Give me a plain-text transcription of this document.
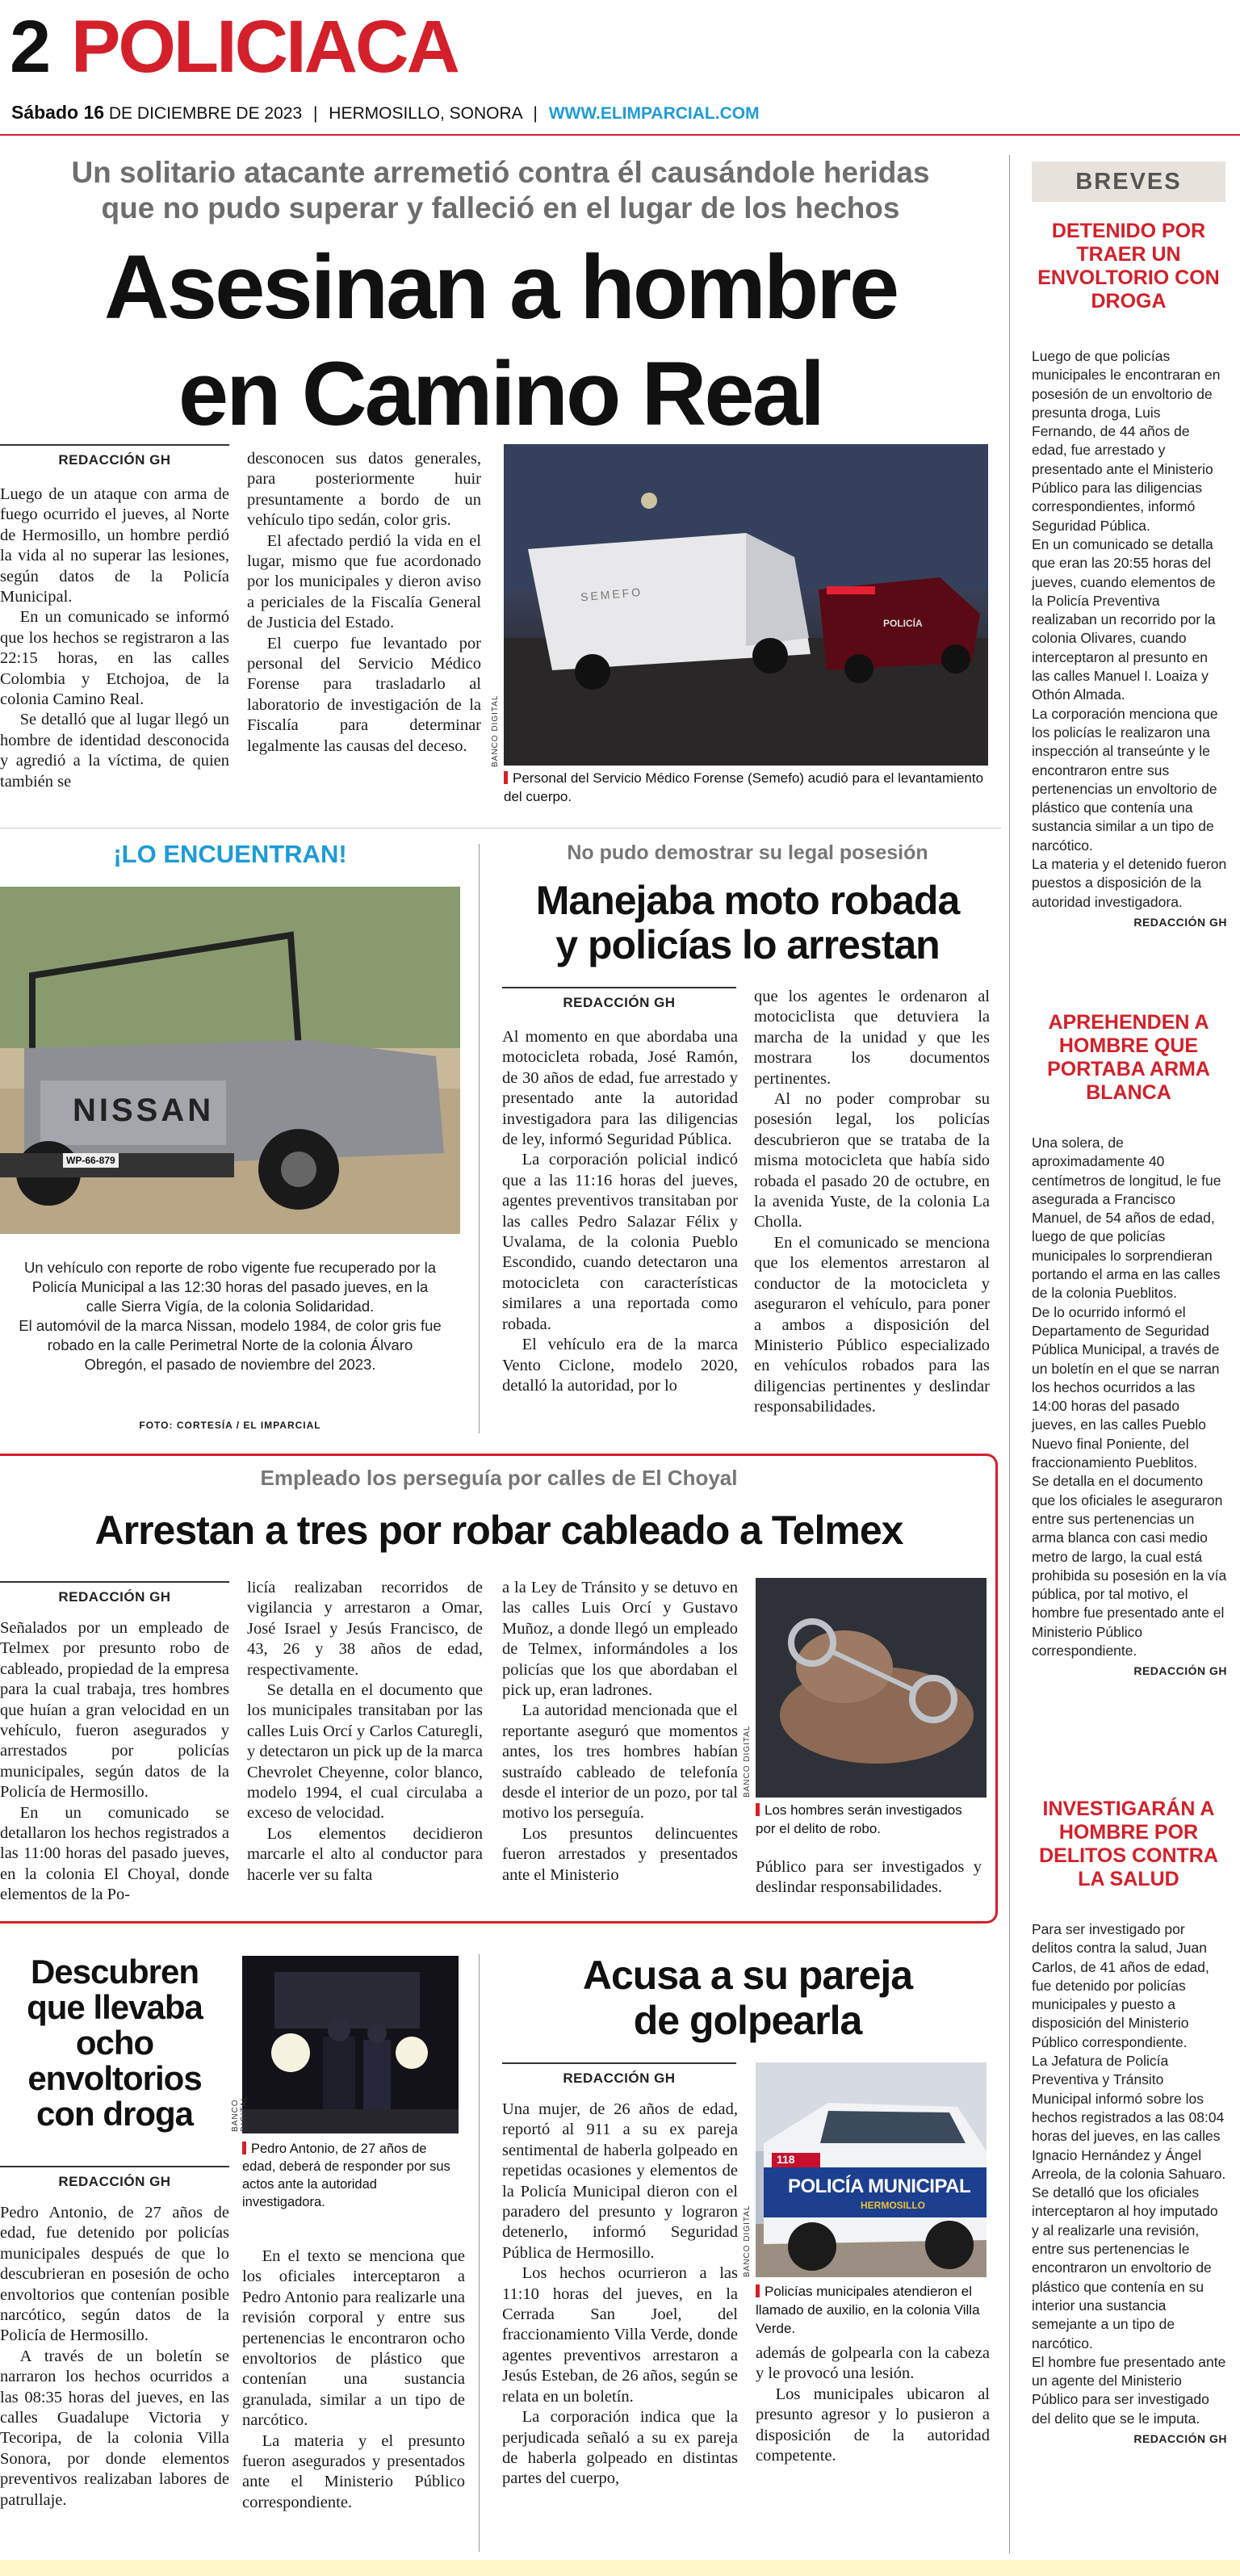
2 POLICIACA
Sábado 16 DE DICIEMBRE DE 2023 | HERMOSILLO, SONORA | WWW.ELIMPARCIAL.COM
Un solitario atacante arremetió contra él causándole heridas
que no pudo superar y falleció en el lugar de los hechos
Asesinan a hombre
en Camino Real
REDACCIÓN GH

Luego de un ataque con arma de fuego ocurrido el jueves, al Norte de Hermosillo, un hombre perdió la vida al no superar las lesiones, según datos de la Policía Municipal.

En un comunicado se informó que los hechos se registraron a las 22:15 horas, en las calles Colombia y Etchojoa, de la colonia Camino Real.

Se detalló que al lugar llegó un hombre de identidad desconocida y agredió a la víctima, de quien también se

desconocen sus datos generales, para posteriormente huir presuntamente a bordo de un vehículo tipo sedán, color gris.

El afectado perdió la vida en el lugar, mismo que fue acordonado por los municipales y dieron aviso a periciales de la Fiscalía General de Justicia del Estado.

El cuerpo fue levantado por personal del Servicio Médico Forense para trasladarlo al laboratorio de investigación de la Fiscalía para determinar legalmente las causas del deceso.

SEMEFO
POLICÍA
BANCO DIGITAL
Personal del Servicio Médico Forense (Semefo) acudió para el levantamiento del cuerpo.
¡LO ENCUENTRAN!
NISSAN
WP-66-879
Un vehículo con reporte de robo vigente fue recuperado por la Policía Municipal a las 12:30 horas del pasado jueves, en la calle Sierra Vigía, de la colonia Solidaridad.
El automóvil de la marca Nissan, modelo 1984, de color gris fue robado en la calle Perimetral Norte de la colonia Álvaro Obregón, el pasado de noviembre del 2023.
FOTO: CORTESÍA / EL IMPARCIAL
No pudo demostrar su legal posesión
Manejaba moto robada
y policías lo arrestan
REDACCIÓN GH

Al momento en que abordaba una motocicleta robada, José Ramón, de 30 años de edad, fue arrestado y presentado ante la autoridad investigadora para las diligencias de ley, informó Seguridad Pública.

La corporación policial indicó que a las 11:16 horas del jueves, agentes preventivos transitaban por las calles Pedro Salazar Félix y Uvalama, de la colonia Pueblo Escondido, cuando detectaron una motocicleta con características similares a una reportada como robada.

El vehículo era de la marca Vento Ciclone, modelo 2020, detalló la autoridad, por lo

que los agentes le ordenaron al motociclista que detuviera la marcha de la unidad y que les mostrara los documentos pertinentes.

Al no poder comprobar su posesión legal, los policías descubrieron que se trataba de la misma motocicleta que había sido robada el pasado 20 de octubre, en la avenida Yuste, de la colonia La Cholla.

En el comunicado se menciona que los elementos arrestaron al conductor de la motocicleta y aseguraron el vehículo, para poner a ambos a disposición del Ministerio Público especializado en vehículos robados para las diligencias pertinentes y deslindar responsabilidades.

Empleado los perseguía por calles de El Choyal
Arrestan a tres por robar cableado a Telmex
REDACCIÓN GH

Señalados por un empleado de Telmex por presunto robo de cableado, propiedad de la empresa para la cual trabaja, tres hombres que huían a gran velocidad en un vehículo, fueron asegurados y arrestados por policías municipales, según datos de la Policía de Hermosillo.

En un comunicado se detallaron los hechos registrados a las 11:00 horas del pasado jueves, en la colonia El Choyal, donde elementos de la Po-

licía realizaban recorridos de vigilancia y arrestaron a Omar, José Israel y Jesús Francisco, de 43, 26 y 38 años de edad, respectivamente.

Se detalla en el documento que los municipales transitaban por las calles Luis Orcí y Carlos Caturegli, y detectaron un pick up de la marca Chevrolet Cheyenne, color blanco, modelo 1994, el cual circulaba a exceso de velocidad.

Los elementos decidieron marcarle el alto al conductor para hacerle ver su falta

a la Ley de Tránsito y se detuvo en las calles Luis Orcí y Gustavo Muñoz, a donde llegó un empleado de Telmex, informándoles a los policías que los que abordaban el pick up, eran ladrones.

La autoridad mencionada que el reportante aseguró que momentos antes, los tres hombres habían sustraído cableado de telefonía desde el interior de un pozo, por tal motivo los perseguía.

Los presuntos delincuentes fueron arrestados y presentados ante el Ministerio

BANCO DIGITAL
Los hombres serán investigados por el delito de robo.

Público para ser investigados y deslindar responsabilidades.

Descubren
que llevaba
ocho
envoltorios
con droga
REDACCIÓN GH

Pedro Antonio, de 27 años de edad, fue detenido por policías municipales después de que lo descubrieran en posesión de ocho envoltorios que contenían posible narcótico, según datos de la Policía de Hermosillo.

A través de un boletín se narraron los hechos ocurridos a las 08:35 horas del jueves, en las calles Guadalupe Victoria y Tecoripa, de la colonia Villa Sonora, por donde elementos preventivos realizaban labores de patrullaje.

BANCO DIGITAL
Pedro Antonio, de 27 años de edad, deberá de responder por sus actos ante la autoridad investigadora.

En el texto se menciona que los oficiales interceptaron a Pedro Antonio para realizarle una revisión corporal y entre sus pertenencias le encontraron ocho envoltorios de plástico que contenían una sustancia granulada, similar a un tipo de narcótico.

La materia y el presunto fueron asegurados y presentados ante el Ministerio Público correspondiente.

Acusa a su pareja
de golpearla
REDACCIÓN GH

Una mujer, de 26 años de edad, reportó al 911 a su ex pareja sentimental de haberla golpeado en repetidas ocasiones y elementos de la Policía Municipal dieron con el paradero del presunto y lograron detenerlo, informó Seguridad Pública de Hermosillo.

Los hechos ocurrieron a las 11:10 horas del jueves, en la Cerrada San Joel, del fraccionamiento Villa Verde, donde agentes preventivos arrestaron a Jesús Esteban, de 26 años, según se relata en un boletín.

La corporación indica que la perjudicada señaló a su ex pareja de haberla golpeado en distintas partes del cuerpo,

118
POLICÍA MUNICIPAL
HERMOSILLO
BANCO DIGITAL
Policías municipales atendieron el llamado de auxilio, en la colonia Villa Verde.

además de golpearla con la cabeza y le provocó una lesión.

Los municipales ubicaron al presunto agresor y lo pusieron a disposición de la autoridad competente.

BREVES
DETENIDO POR TRAER UN ENVOLTORIO CON DROGA
Luego de que policías municipales le encontraran en posesión de un envoltorio de presunta droga, Luis Fernando, de 44 años de edad, fue arrestado y presentado ante el Ministerio Público para las diligencias correspondientes, informó Seguridad Pública.
En un comunicado se detalla que eran las 20:55 horas del jueves, cuando elementos de la Policía Preventiva realizaban un recorrido por la colonia Olivares, cuando interceptaron al presunto en las calles Manuel I. Loaiza y Othón Almada.
La corporación menciona que los policías le realizaron una inspección al transeúnte y le encontraron entre sus pertenencias un envoltorio de plástico que contenía una sustancia similar a un tipo de narcótico.
La materia y el detenido fueron puestos a disposición de la autoridad investigadora.
REDACCIÓN GH
APREHENDEN A HOMBRE QUE PORTABA ARMA BLANCA
Una solera, de aproximadamente 40 centímetros de longitud, le fue asegurada a Francisco Manuel, de 54 años de edad, luego de que policías municipales lo sorprendieran portando el arma en las calles de la colonia Pueblitos.
De lo ocurrido informó el Departamento de Seguridad Pública Municipal, a través de un boletín en el que se narran los hechos ocurridos a las 14:00 horas del pasado jueves, en las calles Pueblo Nuevo final Poniente, del fraccionamiento Pueblitos.
Se detalla en el documento que los oficiales le aseguraron entre sus pertenencias un arma blanca con casi medio metro de largo, la cual está prohibida su posesión en la vía pública, por tal motivo, el hombre fue presentado ante el Ministerio Público correspondiente.
REDACCIÓN GH
INVESTIGARÁN A HOMBRE POR DELITOS CONTRA LA SALUD
Para ser investigado por delitos contra la salud, Juan Carlos, de 41 años de edad, fue detenido por policías municipales y puesto a disposición del Ministerio Público correspondiente.
La Jefatura de Policía Preventiva y Tránsito Municipal informó sobre los hechos registrados a las 08:04 horas del jueves, en las calles Ignacio Hernández y Ángel Arreola, de la colonia Sahuaro.
Se detalló que los oficiales interceptaron al hoy imputado y al realizarle una revisión, entre sus pertenencias le encontraron un envoltorio de plástico que contenía en su interior una sustancia semejante a un tipo de narcótico.
El hombre fue presentado ante un agente del Ministerio Público para ser investigado del delito que se le imputa.
REDACCIÓN GH
